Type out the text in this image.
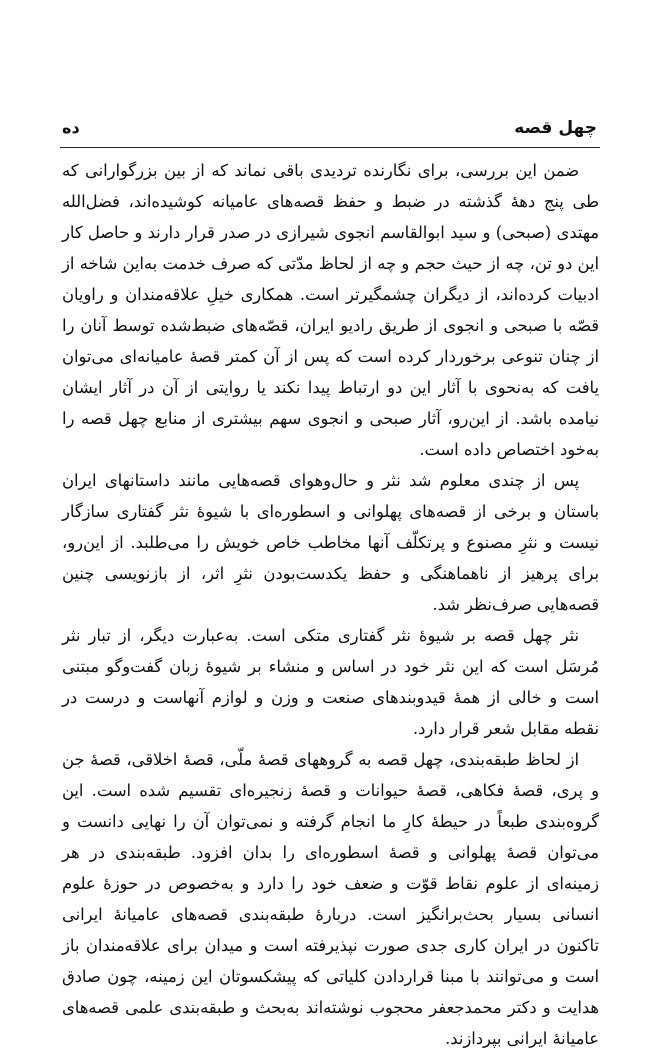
چهل قصه
ده

ضمن این بررسی، برای نگارنده تردیدی باقی نماند که از بین بزرگوارانی که طی پنج دههٔ گذشته در ضبط و حفظ قصه‌های عامیانه کوشیده‌اند، فضل‌الله مهتدی (صبحی) و سید ابوالقاسم انجوی شیرازی در صدر قرار دارند و حاصل کار این دو تن، چه از حیث حجم و چه از لحاظ مدّتی که صرف خدمت به‌این شاخه از ادبیات کرده‌اند، از دیگران چشمگیرتر است. همکاری خیلِ علاقه‌مندان و راویان قصّه با صبحی و انجوی از طریق رادیو ایران، قصّه‌های ضبط‌شده توسط آنان را از چنان تنوعی برخوردار کرده است که پس از آن کمتر قصهٔ عامیانه‌ای می‌توان یافت که به‌نحوی با آثار این دو ارتباط پیدا نکند یا روایتی از آن در آثار ایشان نیامده باشد. از این‌رو، آثار صبحی و انجوی سهم بیشتری از منابع چهل قصه را به‌خود اختصاص داده است.

پس از چندی معلوم شد نثر و حال‌وهوای قصه‌هایی مانند داستانهای ایران باستان و برخی از قصه‌های پهلوانی و اسطوره‌ای با شیوهٔ نثر گفتاری سازگار نیست و نثرِ مصنوع و پرتکلّف آنها مخاطب خاص خویش را می‌طلبد. از این‌رو، برای پرهیز از ناهماهنگی و حفظ یکدست‌بودن نثرِ اثر، از بازنویسی چنین قصه‌هایی صرف‌نظر شد.

نثر چهل قصه بر شیوهٔ نثر گفتاری متکی است. به‌عبارت دیگر، از تبار نثر مُرسَل است که این نثر خود در اساس و منشاء بر شیوهٔ زبان گفت‌وگو مبتنی است و خالی از همهٔ قیدوبندهای صنعت و وزن و لوازم آنهاست و درست در نقطه مقابل شعر قرار دارد.

از لحاظ طبقه‌بندی، چهل قصه به گروههای قصهٔ ملّی، قصهٔ اخلاقی، قصهٔ جن و پری، قصهٔ فکاهی، قصهٔ حیوانات و قصهٔ زنجیره‌ای تقسیم شده است. این گروه‌بندی طبعاً در حیطهٔ کارِ ما انجام گرفته و نمی‌توان آن را نهایی دانست و می‌توان قصهٔ پهلوانی و قصهٔ اسطوره‌ای را بدان افزود. طبقه‌بندی در هر زمینه‌ای از علوم نقاط قوّت و ضعف خود را دارد و به‌خصوص در حوزهٔ علوم انسانی بسیار بحث‌برانگیز است. دربارهٔ طبقه‌بندی قصه‌های عامیانهٔ ایرانی تاکنون در ایران کاری جدی صورت نپذیرفته است و میدان برای علاقه‌مندان باز است و می‌توانند با مبنا قراردادن کلیاتی که پیشکسوتان این زمینه، چون صادق هدایت و دکتر محمدجعفر محجوب نوشته‌اند به‌بحث و طبقه‌بندی علمی قصه‌های عامیانهٔ ایرانی بپردازند.
